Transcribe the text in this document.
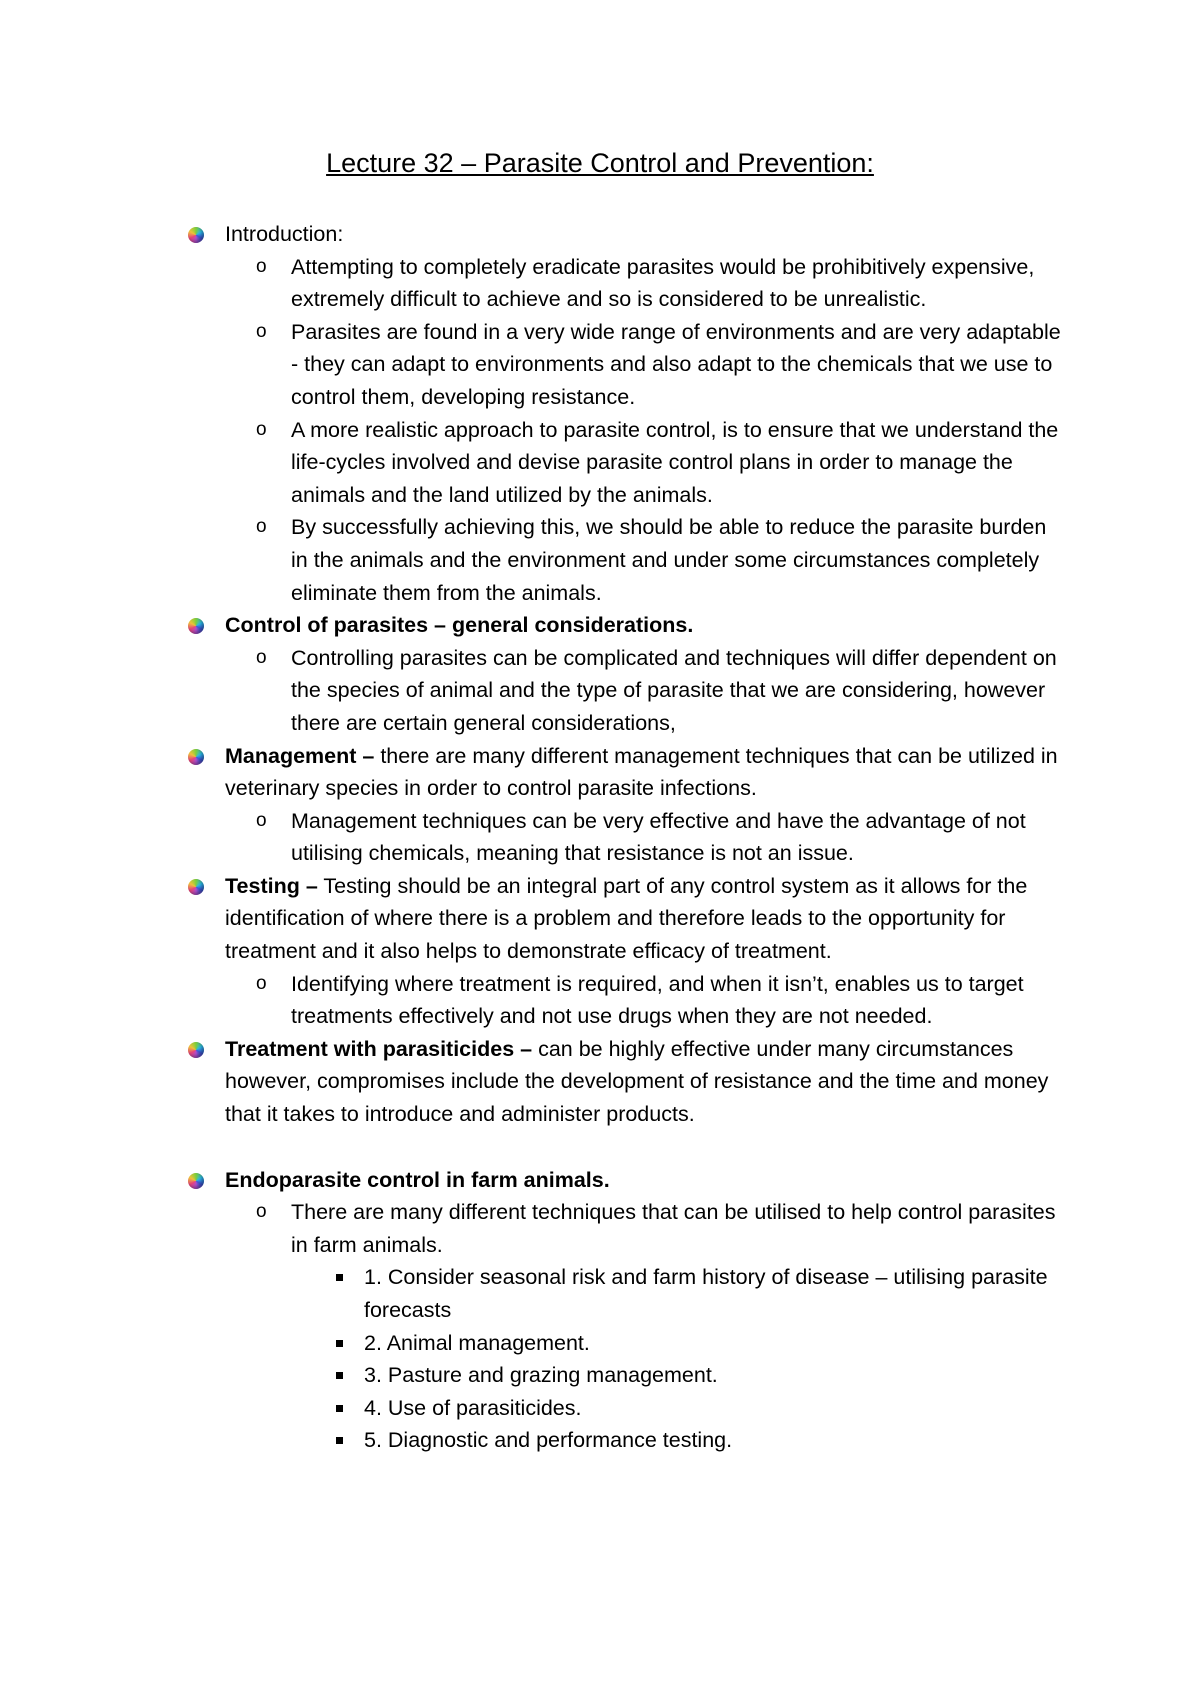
Lecture 32 – Parasite Control and Prevention:
Introduction:
o Attempting to completely eradicate parasites would be prohibitively expensive, extremely difficult to achieve and so is considered to be unrealistic.
o Parasites are found in a very wide range of environments and are very adaptable - they can adapt to environments and also adapt to the chemicals that we use to control them, developing resistance.
o A more realistic approach to parasite control, is to ensure that we understand the life-cycles involved and devise parasite control plans in order to manage the animals and the land utilized by the animals.
o By successfully achieving this, we should be able to reduce the parasite burden in the animals and the environment and under some circumstances completely eliminate them from the animals.
Control of parasites – general considerations.
o Controlling parasites can be complicated and techniques will differ dependent on the species of animal and the type of parasite that we are considering, however there are certain general considerations,
Management – there are many different management techniques that can be utilized in veterinary species in order to control parasite infections.
o Management techniques can be very effective and have the advantage of not utilising chemicals, meaning that resistance is not an issue.
Testing – Testing should be an integral part of any control system as it allows for the identification of where there is a problem and therefore leads to the opportunity for treatment and it also helps to demonstrate efficacy of treatment.
o Identifying where treatment is required, and when it isn’t, enables us to target treatments effectively and not use drugs when they are not needed.
Treatment with parasiticides – can be highly effective under many circumstances however, compromises include the development of resistance and the time and money that it takes to introduce and administer products.
Endoparasite control in farm animals.
o There are many different techniques that can be utilised to help control parasites in farm animals.
1. Consider seasonal risk and farm history of disease – utilising parasite forecasts
2. Animal management.
3. Pasture and grazing management.
4. Use of parasiticides.
5. Diagnostic and performance testing.
